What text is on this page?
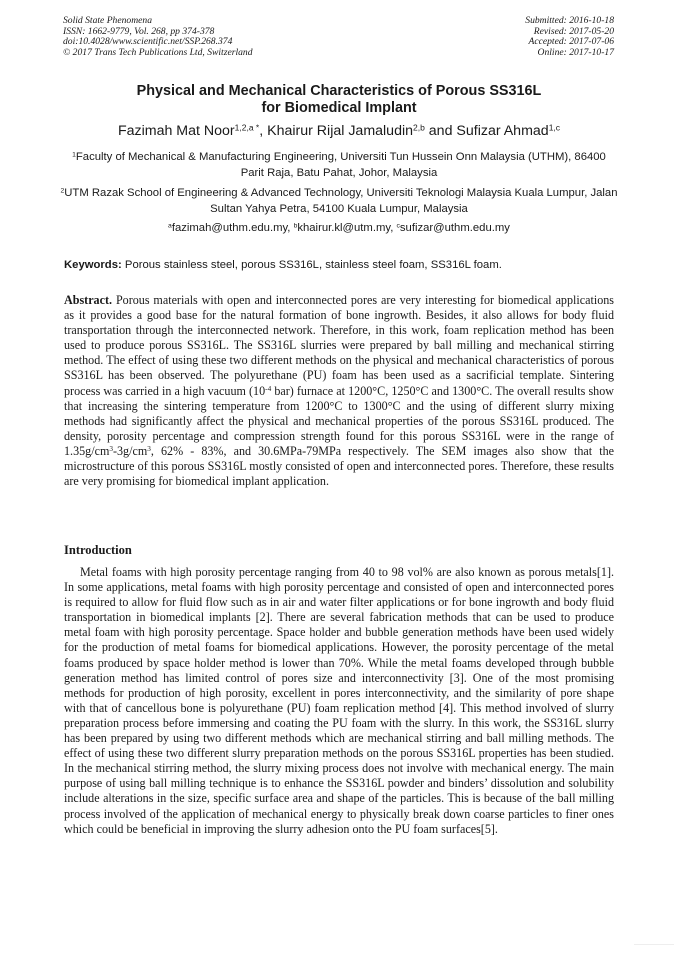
Solid State Phenomena
ISSN: 1662-9779, Vol. 268, pp 374-378
doi:10.4028/www.scientific.net/SSP.268.374
© 2017 Trans Tech Publications Ltd, Switzerland
Submitted: 2016-10-18
Revised: 2017-05-20
Accepted: 2017-07-06
Online: 2017-10-17
Physical and Mechanical Characteristics of Porous SS316L
for Biomedical Implant
Fazimah Mat Noor$^{1,2,a *}$, Khairur Rijal Jamaludin$^{2,b}$ and Sufizar Ahmad$^{1,c}$
$^1$Faculty of Mechanical & Manufacturing Engineering, Universiti Tun Hussein Onn Malaysia (UTHM), 86400 Parit Raja, Batu Pahat, Johor, Malaysia
$^2$UTM Razak School of Engineering & Advanced Technology, Universiti Teknologi Malaysia Kuala Lumpur, Jalan Sultan Yahya Petra, 54100 Kuala Lumpur, Malaysia
$^a$fazimah@uthm.edu.my, $^b$khairur.kl@utm.my, $^c$sufizar@uthm.edu.my
Keywords: Porous stainless steel, porous SS316L, stainless steel foam, SS316L foam.
Abstract. Porous materials with open and interconnected pores are very interesting for biomedical applications as it provides a good base for the natural formation of bone ingrowth. Besides, it also allows for body fluid transportation through the interconnected network. Therefore, in this work, foam replication method has been used to produce porous SS316L. The SS316L slurries were prepared by ball milling and mechanical stirring method. The effect of using these two different methods on the physical and mechanical characteristics of porous SS316L has been observed. The polyurethane (PU) foam has been used as a sacrificial template. Sintering process was carried in a high vacuum ($10^{-4}$ bar) furnace at 1200°C, 1250°C and 1300°C. The overall results show that increasing the sintering temperature from 1200°C to 1300°C and the using of different slurry mixing methods had significantly affect the physical and mechanical properties of the porous SS316L produced. The density, porosity percentage and compression strength found for this porous SS316L were in the range of $1.35g/cm^3-3g/cm^3$, 62% - 83%, and 30.6MPa-79MPa respectively. The SEM images also show that the microstructure of this porous SS316L mostly consisted of open and interconnected pores. Therefore, these results are very promising for biomedical implant application.
Introduction
Metal foams with high porosity percentage ranging from 40 to 98 vol% are also known as porous metals[1]. In some applications, metal foams with high porosity percentage and consisted of open and interconnected pores is required to allow for fluid flow such as in air and water filter applications or for bone ingrowth and body fluid transportation in biomedical implants [2]. There are several fabrication methods that can be used to produce metal foam with high porosity percentage. Space holder and bubble generation methods have been used widely for the production of metal foams for biomedical applications. However, the porosity percentage of the metal foams produced by space holder method is lower than 70%. While the metal foams developed through bubble generation method has limited control of pores size and interconnectivity [3]. One of the most promising methods for production of high porosity, excellent in pores interconnectivity, and the similarity of pore shape with that of cancellous bone is polyurethane (PU) foam replication method [4]. This method involved of slurry preparation process before immersing and coating the PU foam with the slurry. In this work, the SS316L slurry has been prepared by using two different methods which are mechanical stirring and ball milling methods. The effect of using these two different slurry preparation methods on the porous SS316L properties has been studied. In the mechanical stirring method, the slurry mixing process does not involve with mechanical energy. The main purpose of using ball milling technique is to enhance the SS316L powder and binders’ dissolution and solubility include alterations in the size, specific surface area and shape of the particles. This is because of the ball milling process involved of the application of mechanical energy to physically break down coarse particles to finer ones which could be beneficial in improving the slurry adhesion onto the PU foam surfaces[5].
